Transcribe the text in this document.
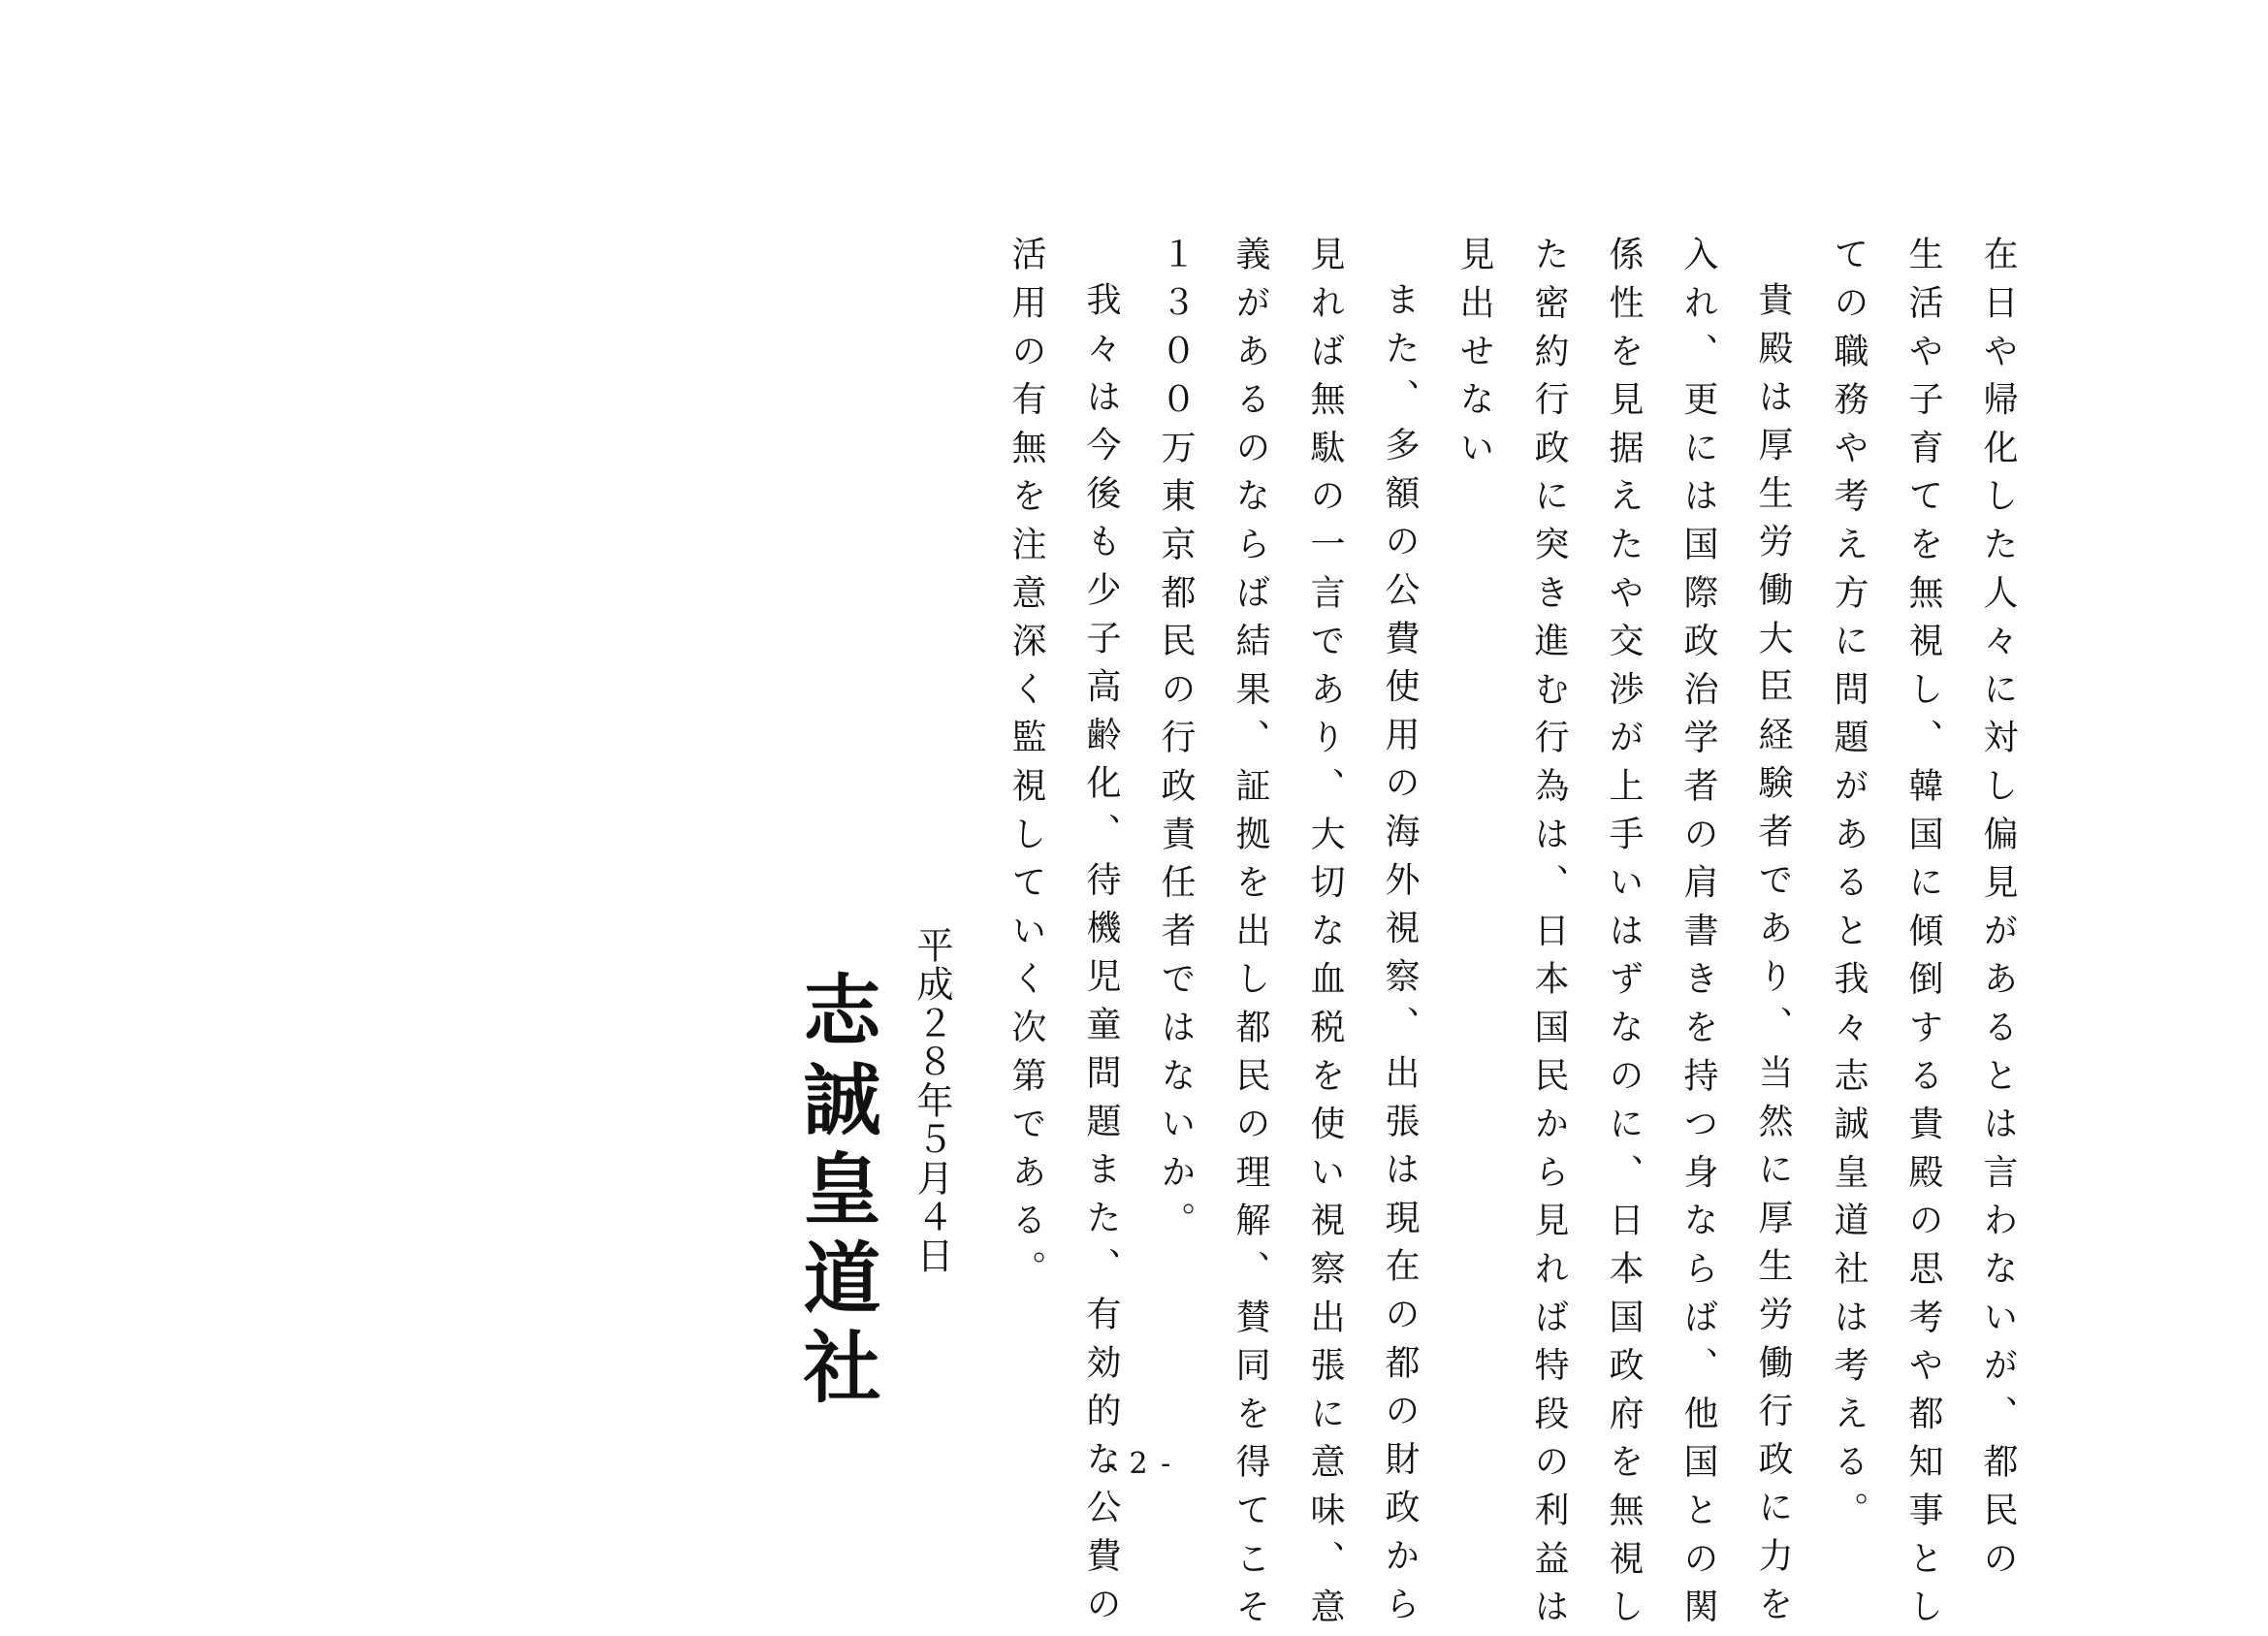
在日や帰化した人々に対し偏見があるとは言わないが、都民の
生活や子育てを無視し、韓国に傾倒する貴殿の思考や都知事とし
ての職務や考え方に問題があると我々志誠皇道社は考える。
貴殿は厚生労働大臣経験者であり、当然に厚生労働行政に力を
入れ、更には国際政治学者の肩書きを持つ身ならば、他国との関
係性を見据えたや交渉が上手いはずなのに、日本国政府を無視し
た密約行政に突き進む行為は、日本国民から見れば特段の利益は
見出せない
また、多額の公費使用の海外視察、出張は現在の都の財政から
見れば無駄の一言であり、大切な血税を使い視察出張に意味、意
義があるのならば結果、証拠を出し都民の理解、賛同を得てこそ
１３００万東京都民の行政責任者ではないか。
我々は今後も少子高齢化、待機児童問題また、有効的な公費の
活用の有無を注意深く監視していく次第である。
平成２８年５月４日
志誠皇道社
- 2 -
